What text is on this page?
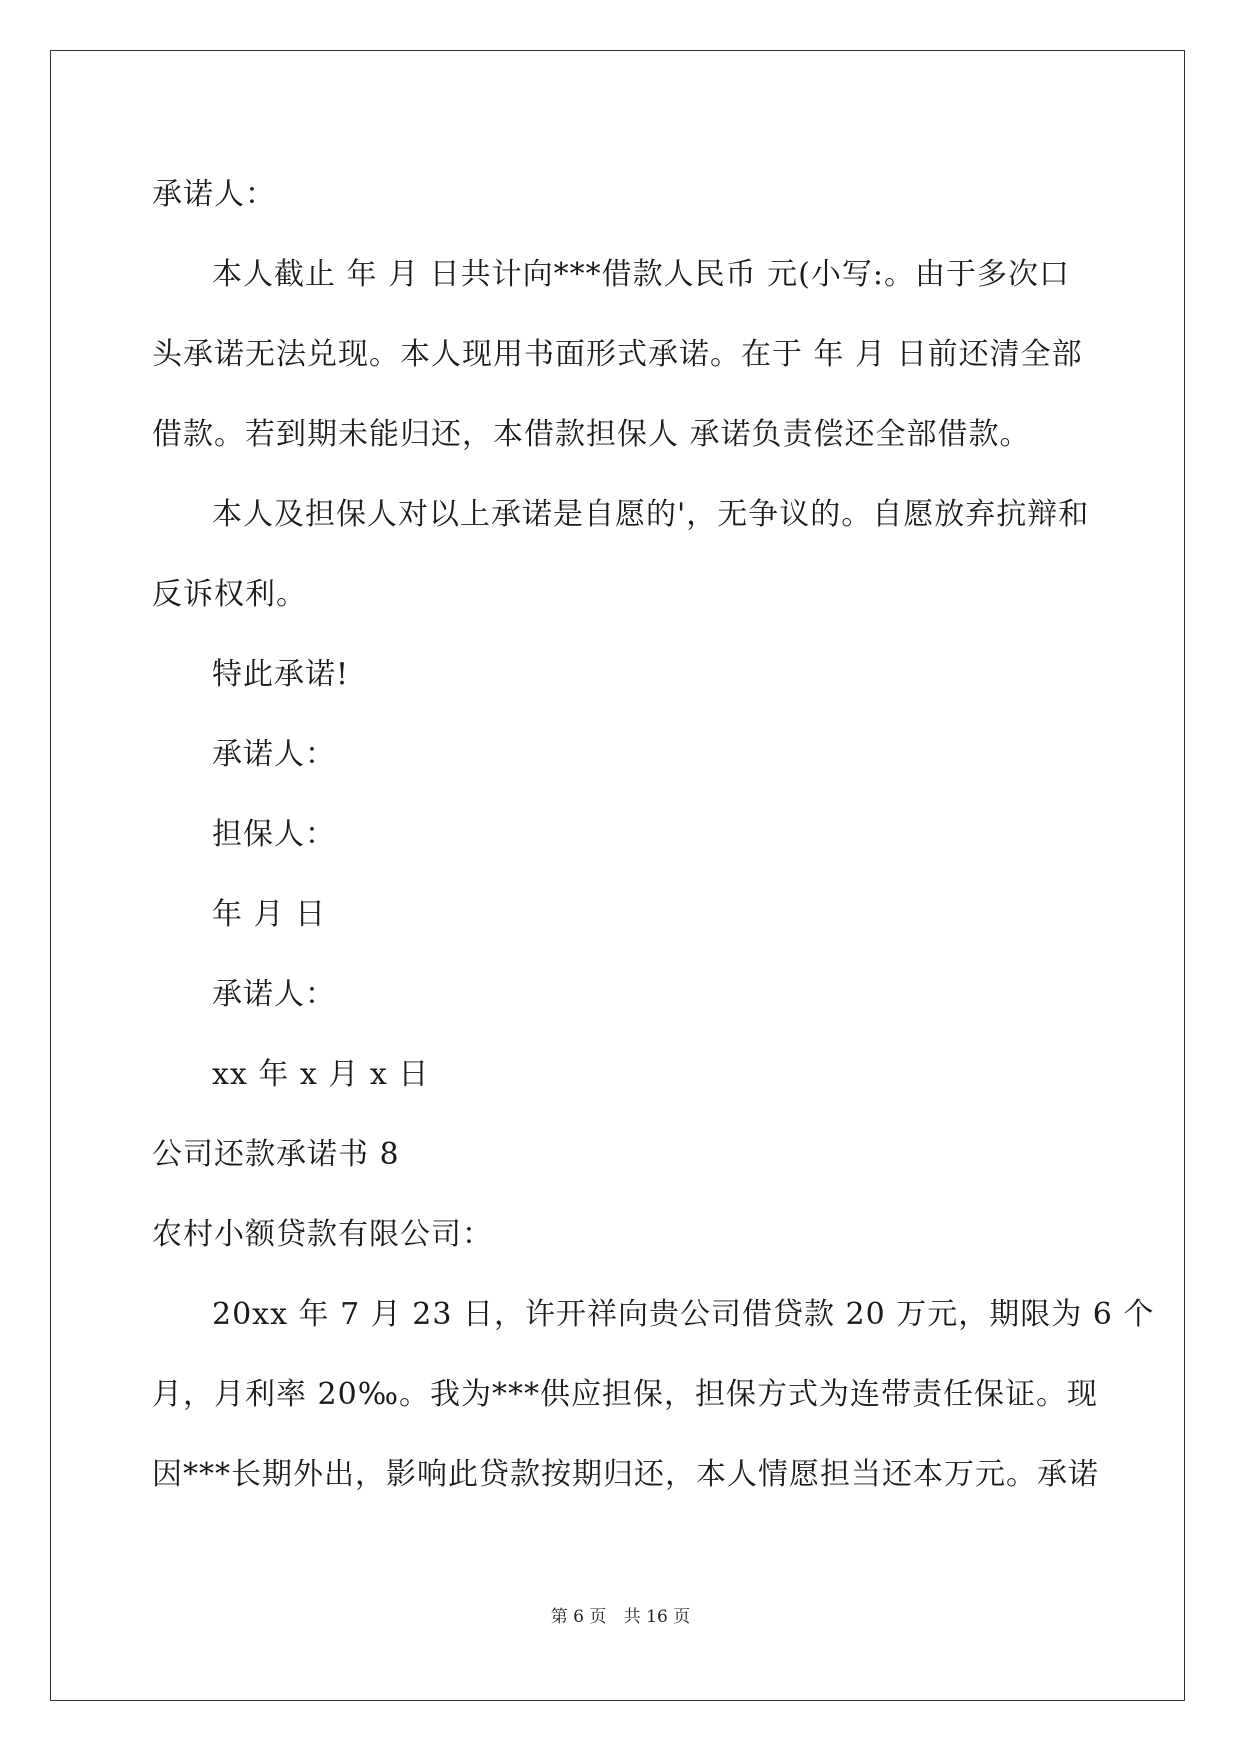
承诺人：
本人截止 年 月 日共计向***借款人民币 元(小写:。由于多次口
头承诺无法兑现。本人现用书面形式承诺。在于 年 月 日前还清全部
借款。若到期未能归还，本借款担保人 承诺负责偿还全部借款。
本人及担保人对以上承诺是自愿的'，无争议的。自愿放弃抗辩和
反诉权利。
特此承诺!
承诺人：
担保人：
年 月 日
承诺人：
xx 年 x 月 x 日
公司还款承诺书 8
农村小额贷款有限公司：
20xx 年 7 月 23 日，许开祥向贵公司借贷款 20 万元，期限为 6 个
月，月利率 20‰。我为***供应担保，担保方式为连带责任保证。现
因***长期外出，影响此贷款按期归还，本人情愿担当还本万元。承诺
第 6 页 共 16 页
